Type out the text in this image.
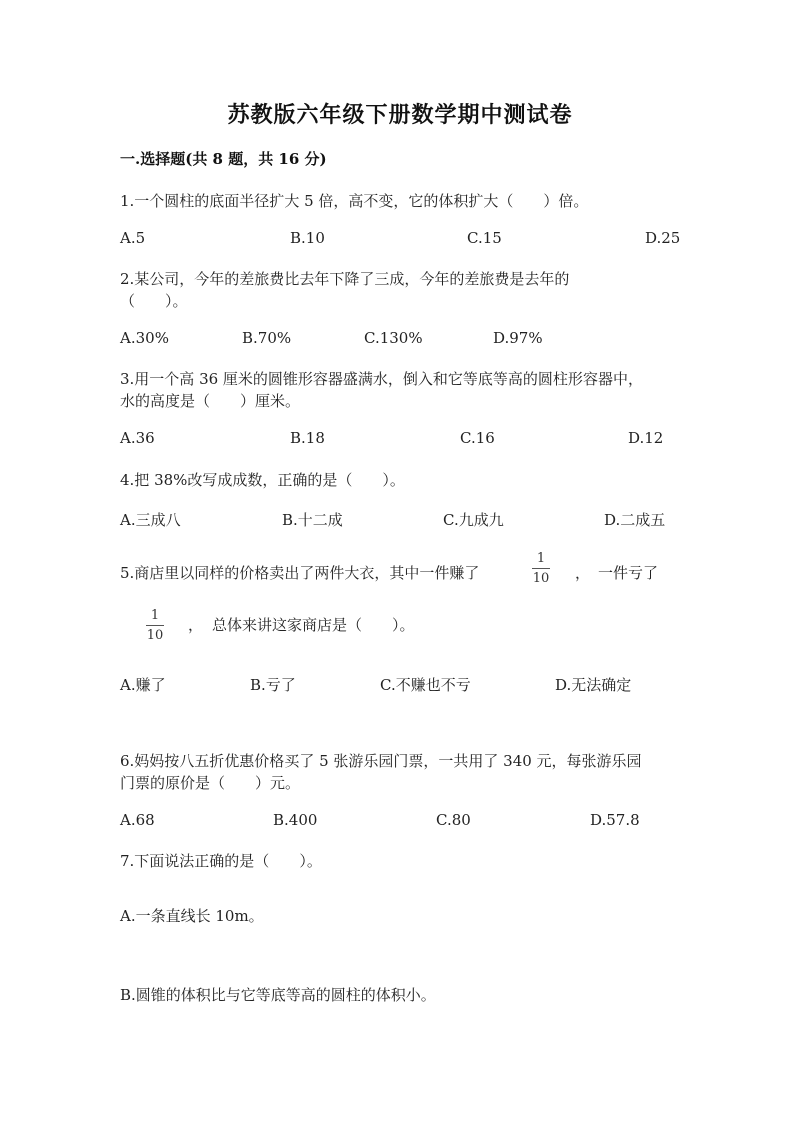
苏教版六年级下册数学期中测试卷
一.选择题(共 8 题，共 16 分)
1.一个圆柱的底面半径扩大 5 倍，高不变，它的体积扩大（　　）倍。
A.5	B.10	C.15	D.25
2.某公司，今年的差旅费比去年下降了三成，今年的差旅费是去年的
（　　）。
A.30%	B.70%	C.130%	D.97%
3.用一个高 36 厘米的圆锥形容器盛满水，倒入和它等底等高的圆柱形容器中，
水的高度是（　　）厘米。
A.36	B.18	C.16	D.12
4.把 38%改写成成数，正确的是（　　）。
A.三成八	B.十二成	C.九成九	D.二成五
5.商店里以同样的价格卖出了两件大衣，其中一件赚了
1
10 ， 一件亏了
1
10
， 总体来讲这家商店是（　　）。
A.赚了	B.亏了	C.不赚也不亏	D.无法确定
6.妈妈按八五折优惠价格买了 5 张游乐园门票，一共用了 340 元，每张游乐园
门票的原价是（　　）元。
A.68	B.400	C.80	D.57.8
7.下面说法正确的是（　　）。
A.一条直线长 10m。
B.圆锥的体积比与它等底等高的圆柱的体积小。
